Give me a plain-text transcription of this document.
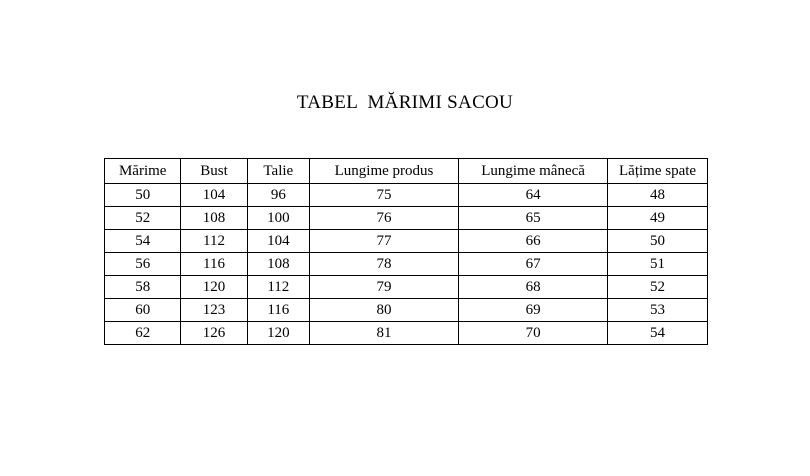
TABEL  MĂRIMI SACOU
Mărime	Bust	Talie	Lungime produs	Lungime mânecă	Lățime spate
50	104	96	75	64	48
52	108	100	76	65	49
54	112	104	77	66	50
56	116	108	78	67	51
58	120	112	79	68	52
60	123	116	80	69	53
62	126	120	81	70	54
